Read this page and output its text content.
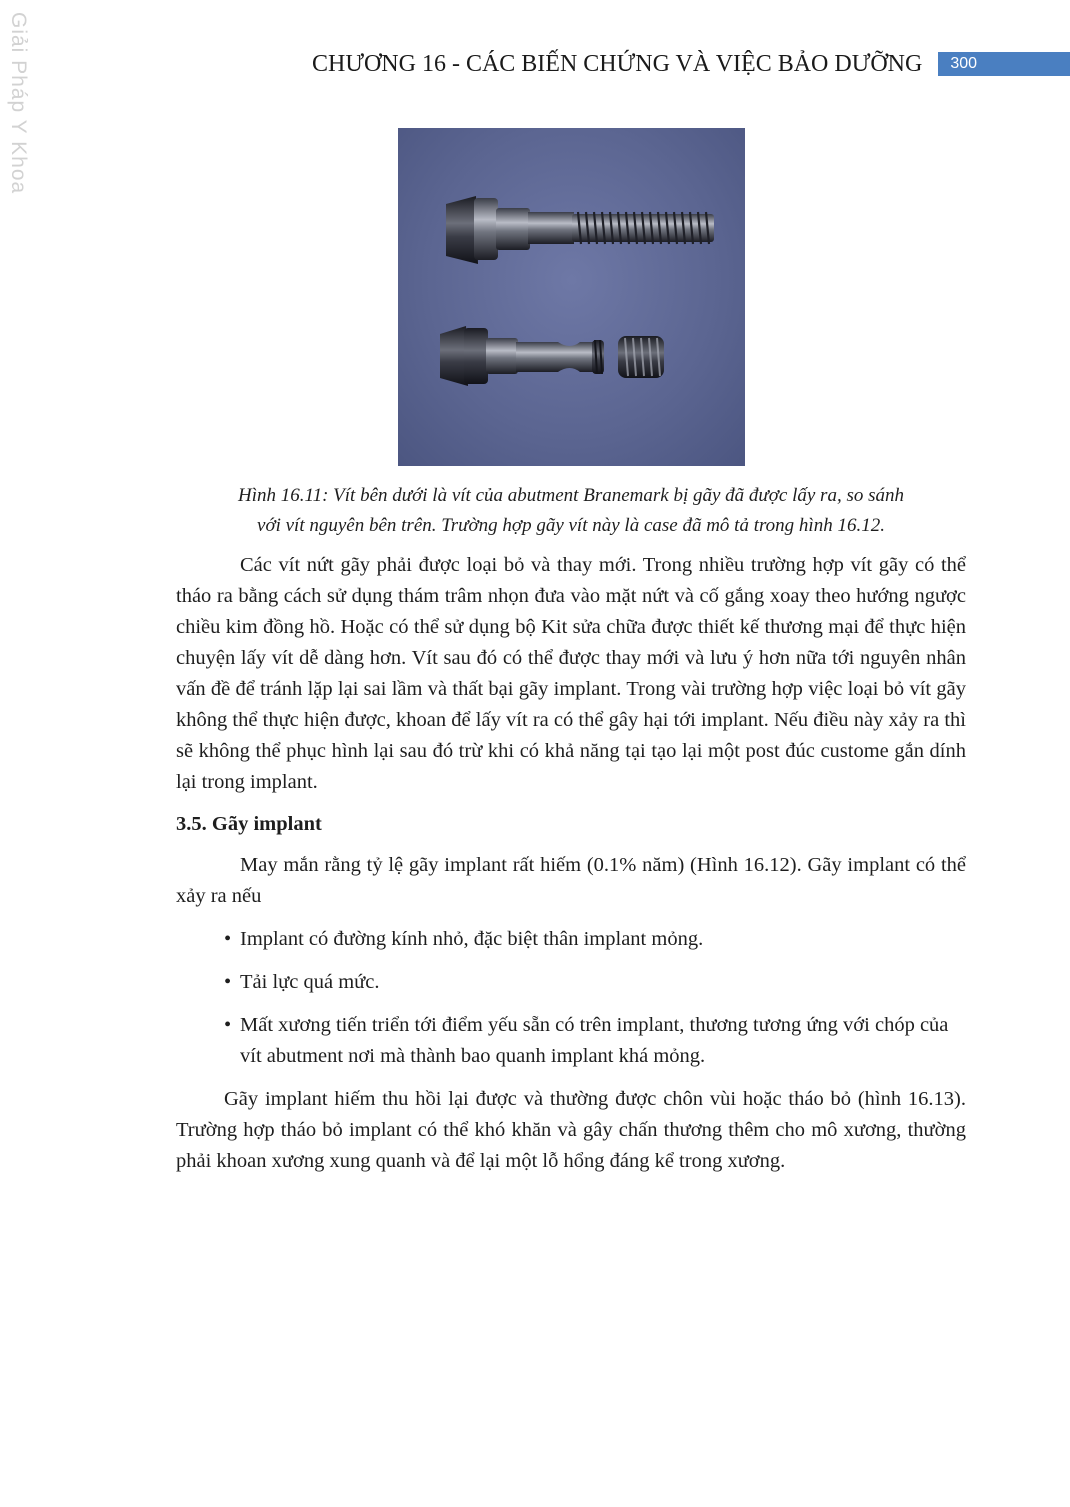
Giải Pháp Y Khoa	CHƯƠNG 16 - CÁC BIẾN CHỨNG VÀ VIỆC BẢO DƯỠNG	300
Hình 16.11: Vít bên dưới là vít của abutment Branemark bị gãy đã được lấy ra, so sánh
với vít nguyên bên trên. Trường hợp gãy vít này là case đã mô tả trong hình 16.12.

Các vít nứt gãy phải được loại bỏ và thay mới. Trong nhiều trường hợp vít gãy có thể tháo ra bằng cách sử dụng thám trâm nhọn đưa vào mặt nứt và cố gắng xoay theo hướng ngược chiều kim đồng hồ. Hoặc có thể sử dụng bộ Kit sửa chữa được thiết kế thương mại để thực hiện chuyện lấy vít dễ dàng hơn. Vít sau đó có thể được thay mới và lưu ý hơn nữa tới nguyên nhân vấn đề để tránh lặp lại sai lầm và thất bại gãy implant. Trong vài trường hợp việc loại bỏ vít gãy không thể thực hiện được, khoan để lấy vít ra có thể gây hại tới implant. Nếu điều này xảy ra thì sẽ không thể phục hình lại sau đó trừ khi có khả năng tại tạo lại một post đúc custome gắn dính lại trong implant.

3.5. Gãy implant

May mắn rằng tỷ lệ gãy implant rất hiếm (0.1% năm) (Hình 16.12). Gãy implant có thể xảy ra nếu

• Implant có đường kính nhỏ, đặc biệt thân implant mỏng.
• Tải lực quá mức.
• Mất xương tiến triển tới điểm yếu sẵn có trên implant, thương tương ứng với chóp của vít abutment nơi mà thành bao quanh implant khá mỏng.

Gãy implant hiếm thu hồi lại được và thường được chôn vùi hoặc tháo bỏ (hình 16.13). Trường hợp tháo bỏ implant có thể khó khăn và gây chấn thương thêm cho mô xương, thường phải khoan xương xung quanh và để lại một lỗ hổng đáng kể trong xương.
